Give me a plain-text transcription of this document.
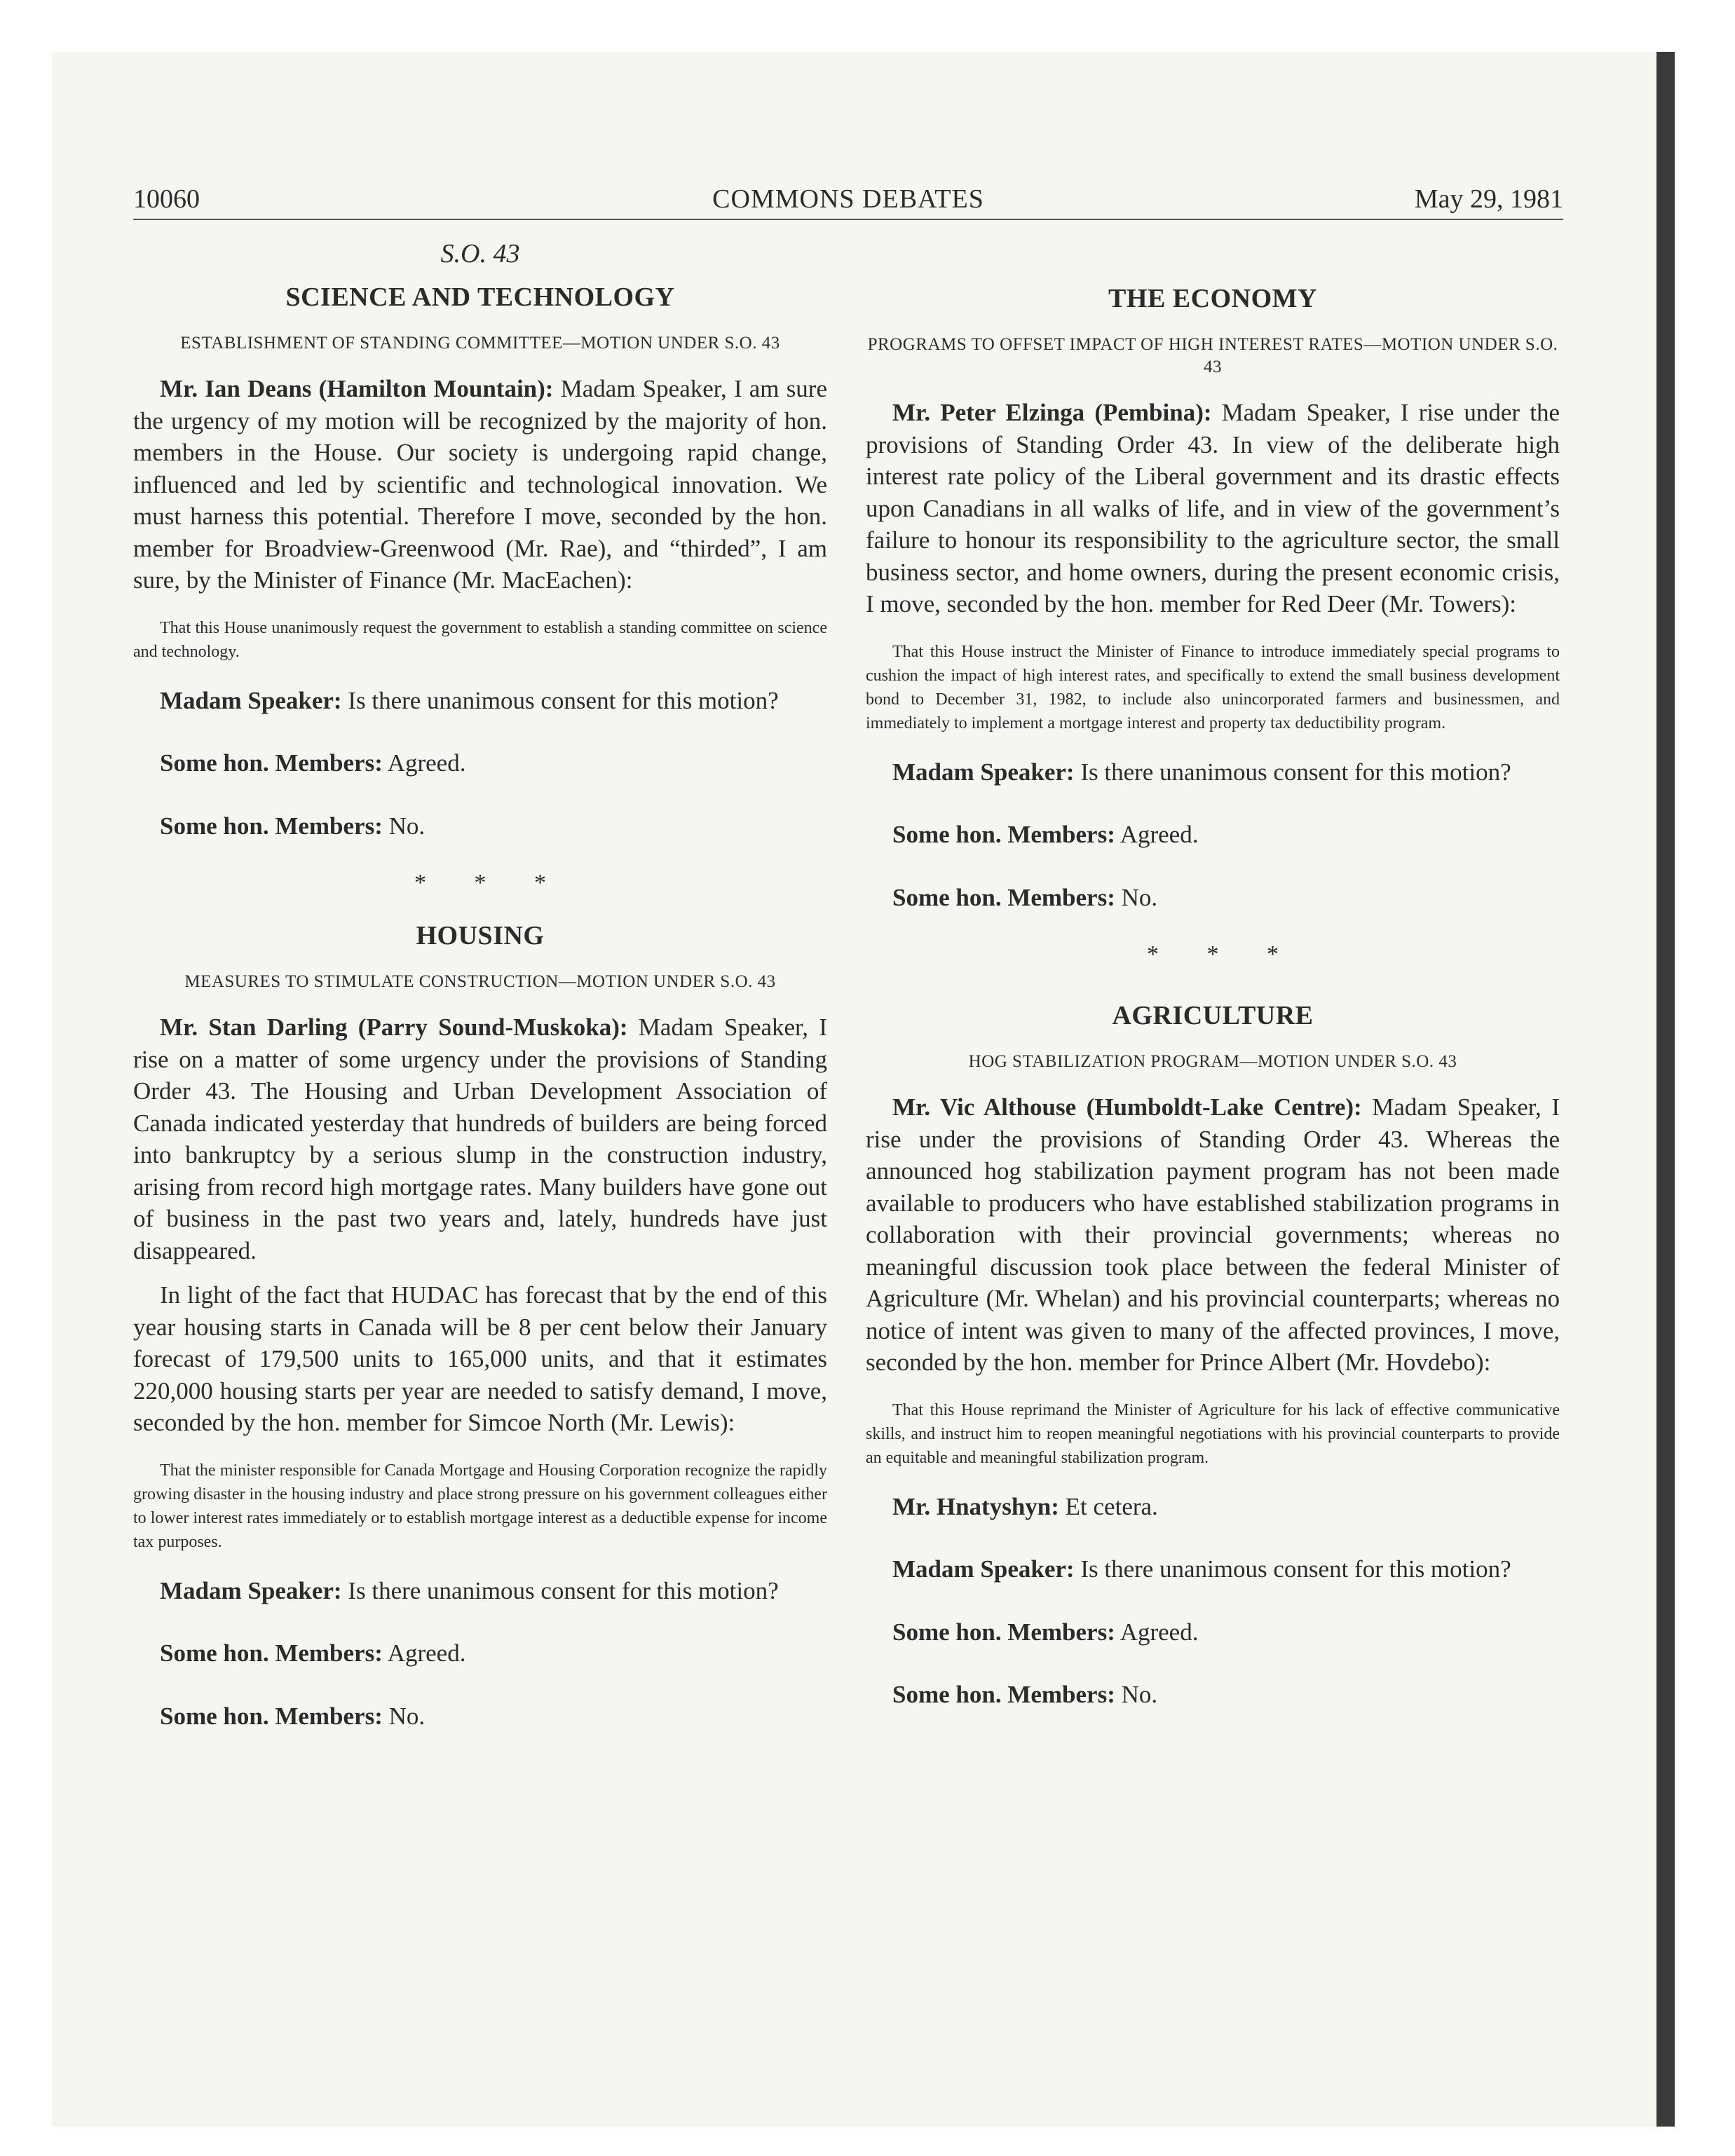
10060	COMMONS DEBATES	May 29, 1981
S.O. 43
SCIENCE AND TECHNOLOGY
ESTABLISHMENT OF STANDING COMMITTEE—MOTION UNDER S.O. 43

Mr. Ian Deans (Hamilton Mountain): Madam Speaker, I am sure the urgency of my motion will be recognized by the majority of hon. members in the House. Our society is undergoing rapid change, influenced and led by scientific and technological innovation. We must harness this potential. Therefore I move, seconded by the hon. member for Broadview-Greenwood (Mr. Rae), and “thirded”, I am sure, by the Minister of Finance (Mr. MacEachen):

That this House unanimously request the government to establish a standing committee on science and technology.

Madam Speaker: Is there unanimous consent for this motion?

Some hon. Members: Agreed.

Some hon. Members: No.

* * *
HOUSING
MEASURES TO STIMULATE CONSTRUCTION—MOTION UNDER S.O. 43

Mr. Stan Darling (Parry Sound-Muskoka): Madam Speaker, I rise on a matter of some urgency under the provisions of Standing Order 43. The Housing and Urban Development Association of Canada indicated yesterday that hundreds of builders are being forced into bankruptcy by a serious slump in the construction industry, arising from record high mortgage rates. Many builders have gone out of business in the past two years and, lately, hundreds have just disappeared.

In light of the fact that HUDAC has forecast that by the end of this year housing starts in Canada will be 8 per cent below their January forecast of 179,500 units to 165,000 units, and that it estimates 220,000 housing starts per year are needed to satisfy demand, I move, seconded by the hon. member for Simcoe North (Mr. Lewis):

That the minister responsible for Canada Mortgage and Housing Corporation recognize the rapidly growing disaster in the housing industry and place strong pressure on his government colleagues either to lower interest rates immediately or to establish mortgage interest as a deductible expense for income tax purposes.

Madam Speaker: Is there unanimous consent for this motion?

Some hon. Members: Agreed.

Some hon. Members: No.

THE ECONOMY
PROGRAMS TO OFFSET IMPACT OF HIGH INTEREST RATES—MOTION UNDER S.O. 43

Mr. Peter Elzinga (Pembina): Madam Speaker, I rise under the provisions of Standing Order 43. In view of the deliberate high interest rate policy of the Liberal government and its drastic effects upon Canadians in all walks of life, and in view of the government’s failure to honour its responsibility to the agriculture sector, the small business sector, and home owners, during the present economic crisis, I move, seconded by the hon. member for Red Deer (Mr. Towers):

That this House instruct the Minister of Finance to introduce immediately special programs to cushion the impact of high interest rates, and specifically to extend the small business development bond to December 31, 1982, to include also unincorporated farmers and businessmen, and immediately to implement a mortgage interest and property tax deductibility program.

Madam Speaker: Is there unanimous consent for this motion?

Some hon. Members: Agreed.

Some hon. Members: No.

* * *
AGRICULTURE
HOG STABILIZATION PROGRAM—MOTION UNDER S.O. 43

Mr. Vic Althouse (Humboldt-Lake Centre): Madam Speaker, I rise under the provisions of Standing Order 43. Whereas the announced hog stabilization payment program has not been made available to producers who have established stabilization programs in collaboration with their provincial governments; whereas no meaningful discussion took place between the federal Minister of Agriculture (Mr. Whelan) and his provincial counterparts; whereas no notice of intent was given to many of the affected provinces, I move, seconded by the hon. member for Prince Albert (Mr. Hovdebo):

That this House reprimand the Minister of Agriculture for his lack of effective communicative skills, and instruct him to reopen meaningful negotiations with his provincial counterparts to provide an equitable and meaningful stabilization program.

Mr. Hnatyshyn: Et cetera.

Madam Speaker: Is there unanimous consent for this motion?

Some hon. Members: Agreed.

Some hon. Members: No.
